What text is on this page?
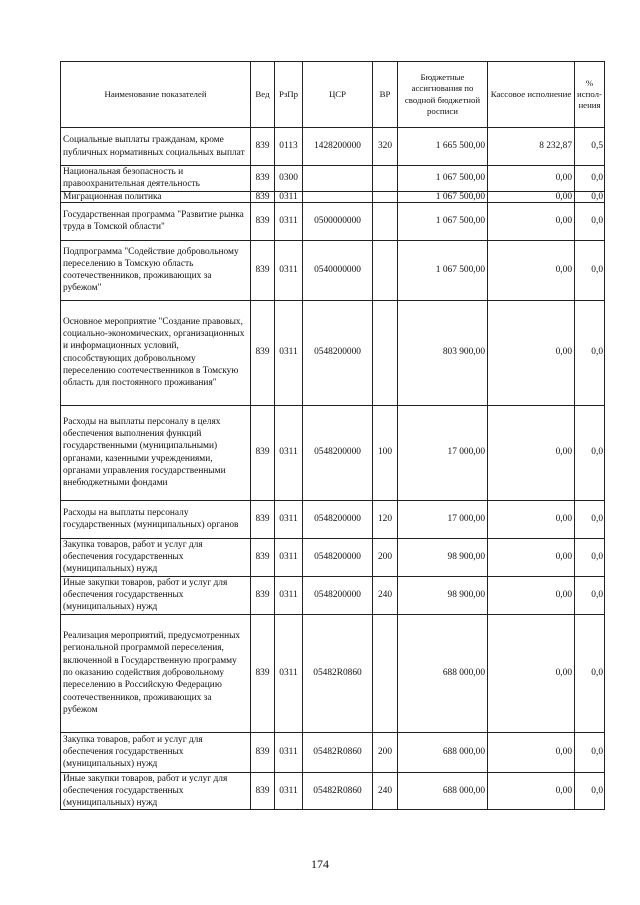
Наименование показателей	Вед	РзПр	ЦСР	ВР	Бюджетные ассигнования по сводной бюджетной росписи	Кассовое исполнение	%
испол-
нения
Социальные выплаты гражданам, кроме публичных нормативных социальных выплат	839	0113	1428200000	320	1 665 500,00	8 232,87	0,5
Национальная безопасность и правоохранительная деятельность	839	0300			1 067 500,00	0,00	0,0
Миграционная политика	839	0311			1 067 500,00	0,00	0,0
Государственная программа "Развитие рынка труда в Томской области"	839	0311	0500000000		1 067 500,00	0,00	0,0
Подпрограмма "Содействие добровольному переселению в Томскую область соотечественников, проживающих за рубежом"	839	0311	0540000000		1 067 500,00	0,00	0,0
Основное мероприятие "Создание правовых, социально-экономических, организационных и информационных условий, способствующих добровольному переселению соотечественников в Томскую область для постоянного проживания"	839	0311	0548200000		803 900,00	0,00	0,0
Расходы на выплаты персоналу в целях обеспечения выполнения функций государственными (муниципальными) органами, казенными учреждениями, органами управления государственными внебюджетными фондами	839	0311	0548200000	100	17 000,00	0,00	0,0
Расходы на выплаты персоналу государственных (муниципальных) органов	839	0311	0548200000	120	17 000,00	0,00	0,0
Закупка товаров, работ и услуг для обеспечения государственных (муниципальных) нужд	839	0311	0548200000	200	98 900,00	0,00	0,0
Иные закупки товаров, работ и услуг для обеспечения государственных (муниципальных) нужд	839	0311	0548200000	240	98 900,00	0,00	0,0
Реализация мероприятий, предусмотренных региональной программой переселения, включенной в Государственную программу по оказанию содействия добровольному переселению в Российскую Федерацию соотечественников, проживающих за рубежом	839	0311	05482R0860		688 000,00	0,00	0,0
Закупка товаров, работ и услуг для обеспечения государственных (муниципальных) нужд	839	0311	05482R0860	200	688 000,00	0,00	0,0
Иные закупки товаров, работ и услуг для обеспечения государственных (муниципальных) нужд	839	0311	05482R0860	240	688 000,00	0,00	0,0
174
